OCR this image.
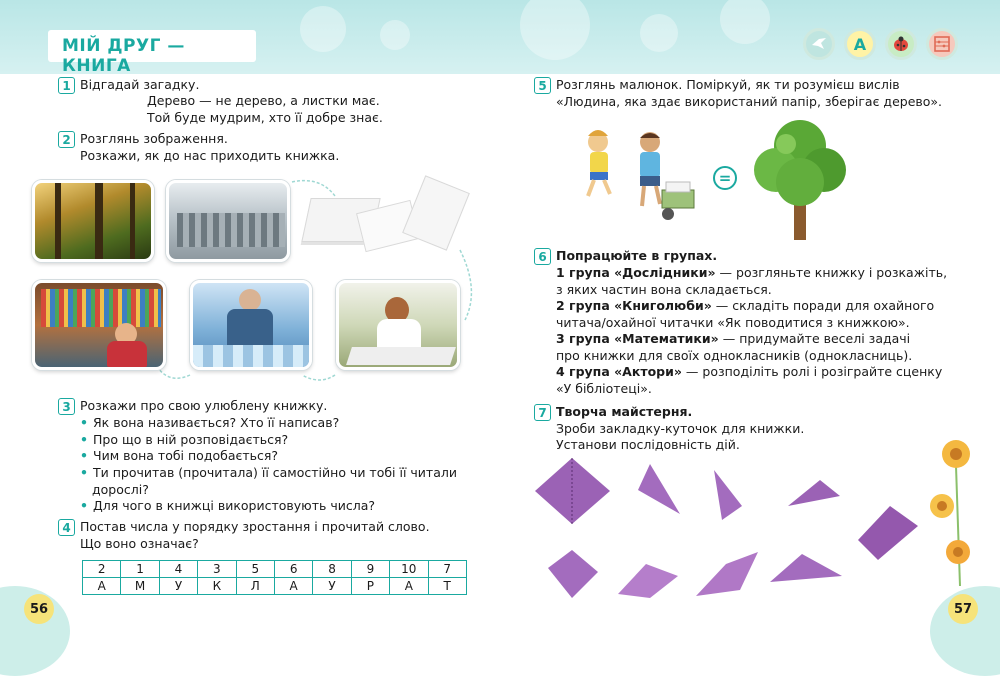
МІЙ ДРУГ — КНИГА
A
1 Відгадай загадку.
Дерево — не дерево, а листки має.
Той буде мудрим, хто її добре знає.
2 Розглянь зображення.
Розкажи, як до нас приходить книжка.
3 Розкажи про свою улюблену книжку.
• Як вона називається? Хто її написав?
• Про що в ній розповідається?
• Чим вона тобі подобається?
• Ти прочитав (прочитала) її самостійно чи тобі її читали
дорослі?
• Для чого в книжці використовують числа?
4 Постав числа у порядку зростання і прочитай слово.
Що воно означає?
2	1	4	3	5	6	8	9	10	7
А	М	У	К	Л	А	У	Р	А	Т
56
5 Розглянь малюнок. Поміркуй, як ти розумієш вислів
«Людина, яка здає використаний папір, зберігає дерево».
=
6 Попрацюйте в групах.
1 група «Дослідники» — розгляньте книжку і розкажіть,
з яких частин вона складається.
2 група «Книголюби» — складіть поради для охайного
читача/охайної читачки «Як поводитися з книжкою».
3 група «Математики» — придумайте веселі задачі
про книжки для своїх однокласників (однокласниць).
4 група «Актори» — розподіліть ролі і розіграйте сценку
«У бібліотеці».
7 Творча майстерня.
Зроби закладку-куточок для книжки.
Установи послідовність дій.
57
